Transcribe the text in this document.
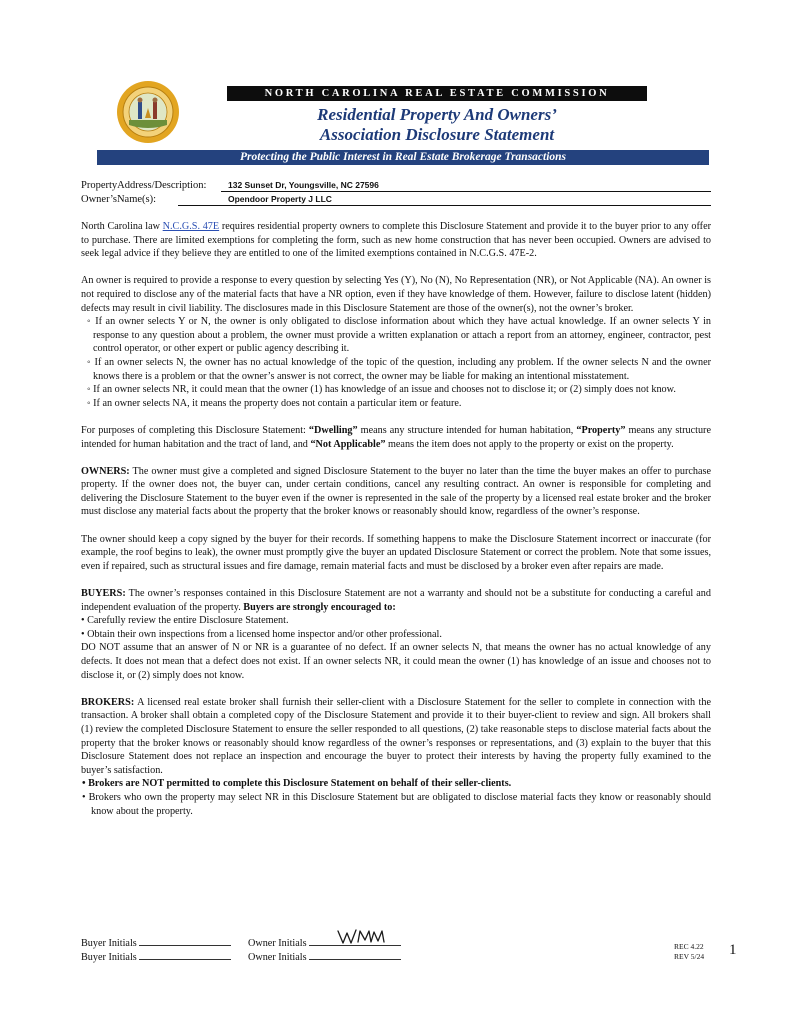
NORTH CAROLINA REAL ESTATE COMMISSION
Residential Property And Owners’
Association Disclosure Statement
Protecting the Public Interest in Real Estate Brokerage Transactions
PropertyAddress/Description:	132 Sunset Dr, Youngsville, NC 27596
Owner’sName(s):	Opendoor Property J LLC

North Carolina law N.C.G.S. 47E requires residential property owners to complete this Disclosure Statement and provide it to the buyer prior to any offer to purchase. There are limited exemptions for completing the form, such as new home construction that has never been occupied. Owners are advised to seek legal advice if they believe they are entitled to one of the limited exemptions contained in N.C.G.S. 47E-2.

An owner is required to provide a response to every question by selecting Yes (Y), No (N), No Representation (NR), or Not Applicable (NA). An owner is not required to disclose any of the material facts that have a NR option, even if they have knowledge of them. However, failure to disclose latent (hidden) defects may result in civil liability. The disclosures made in this Disclosure Statement are those of the owner(s), not the owner’s broker.

◦ If an owner selects Y or N, the owner is only obligated to disclose information about which they have actual knowledge. If an owner selects Y in response to any question about a problem, the owner must provide a written explanation or attach a report from an attorney, engineer, contractor, pest control operator, or other expert or public agency describing it.

◦ If an owner selects N, the owner has no actual knowledge of the topic of the question, including any problem. If the owner selects N and the owner knows there is a problem or that the owner’s answer is not correct, the owner may be liable for making an intentional misstatement.

◦ If an owner selects NR, it could mean that the owner (1) has knowledge of an issue and chooses not to disclose it; or (2) simply does not know.

◦ If an owner selects NA, it means the property does not contain a particular item or feature.

For purposes of completing this Disclosure Statement: “Dwelling” means any structure intended for human habitation, “Property” means any structure intended for human habitation and the tract of land, and “Not Applicable” means the item does not apply to the property or exist on the property.

OWNERS: The owner must give a completed and signed Disclosure Statement to the buyer no later than the time the buyer makes an offer to purchase property. If the owner does not, the buyer can, under certain conditions, cancel any resulting contract. An owner is responsible for completing and delivering the Disclosure Statement to the buyer even if the owner is represented in the sale of the property by a licensed real estate broker and the broker must disclose any material facts about the property that the broker knows or reasonably should know, regardless of the owner’s response.

The owner should keep a copy signed by the buyer for their records. If something happens to make the Disclosure Statement incorrect or inaccurate (for example, the roof begins to leak), the owner must promptly give the buyer an updated Disclosure Statement or correct the problem. Note that some issues, even if repaired, such as structural issues and fire damage, remain material facts and must be disclosed by a broker even after repairs are made.

BUYERS: The owner’s responses contained in this Disclosure Statement are not a warranty and should not be a substitute for conducting a careful and independent evaluation of the property. Buyers are strongly encouraged to:

• Carefully review the entire Disclosure Statement.

• Obtain their own inspections from a licensed home inspector and/or other professional.

DO NOT assume that an answer of N or NR is a guarantee of no defect. If an owner selects N, that means the owner has no actual knowledge of any defects. It does not mean that a defect does not exist. If an owner selects NR, it could mean the owner (1) has knowledge of an issue and chooses not to disclose it, or (2) simply does not know.

BROKERS: A licensed real estate broker shall furnish their seller-client with a Disclosure Statement for the seller to complete in connection with the transaction. A broker shall obtain a completed copy of the Disclosure Statement and provide it to their buyer-client to review and sign. All brokers shall (1) review the completed Disclosure Statement to ensure the seller responded to all questions, (2) take reasonable steps to disclose material facts about the property that the broker knows or reasonably should know regardless of the owner’s responses or representations, and (3) explain to the buyer that this Disclosure Statement does not replace an inspection and encourage the buyer to protect their interests by having the property fully examined to the buyer’s satisfaction.

• Brokers are NOT permitted to complete this Disclosure Statement on behalf of their seller-clients.

• Brokers who own the property may select NR in this Disclosure Statement but are obligated to disclose material facts they know or reasonably should know about the property.

Buyer Initials
Buyer Initials
Owner Initials
Owner Initials
REC 4.22
REV 5/24 1
